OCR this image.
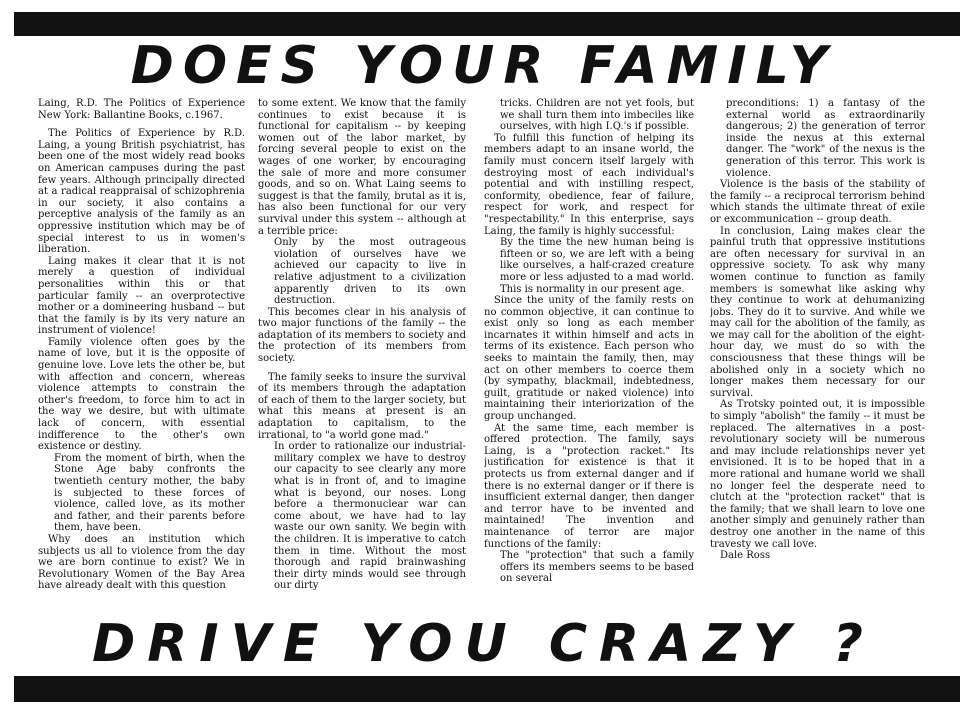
DOES YOUR FAMILY

Laing, R.D. The Politics of Experience New York: Ballantine Books, c.1967.

The Politics of Experience by R.D. Laing, a young British psychiatrist, has been one of the most widely read books on American campuses during the past few years. Although principally directed at a radical reappraisal of schizophrenia in our society, it also contains a perceptive analysis of the family as an oppressive institution which may be of special interest to us in women's liberation.

Laing makes it clear that it is not merely a question of individual personalities within this or that particular family -- an overprotective mother or a domineering husband -- but that the family is by its very nature an instrument of violence!

Family violence often goes by the name of love, but it is the opposite of genuine love. Love lets the other be, but with affection and concern, whereas violence attempts to constrain the other's freedom, to force him to act in the way we desire, but with ultimate lack of concern, with essential indifference to the other's own existence or destiny.

From the moment of birth, when the Stone Age baby confronts the twentieth century mother, the baby is subjected to these forces of violence, called love, as its mother and father, and their parents before them, have been.

Why does an institution which subjects us all to violence from the day we are born continue to exist? We in Revolutionary Women of the Bay Area have already dealt with this question

to some extent. We know that the family continues to exist because it is functional for capitalism -- by keeping women out of the labor market, by forcing several people to exist on the wages of one worker, by encouraging the sale of more and more consumer goods, and so on. What Laing seems to suggest is that the family, brutal as it is, has also been functional for our very survival under this system -- although at a terrible price:

Only by the most outrageous violation of ourselves have we achieved our capacity to live in relative adjustment to a civilization apparently driven to its own destruction.

This becomes clear in his analysis of two major functions of the family -- the adaptation of its members to society and the protection of its members from society.

The family seeks to insure the survival of its members through the adaptation of each of them to the larger society, but what this means at present is an adaptation to capitalism, to the irrational, to "a world gone mad."

In order to rationalize our industrial-military complex we have to destroy our capacity to see clearly any more what is in front of, and to imagine what is beyond, our noses. Long before a thermonuclear war can come about, we have had to lay waste our own sanity. We begin with the children. It is imperative to catch them in time. Without the most thorough and rapid brainwashing their dirty minds would see through our dirty

tricks. Children are not yet fools, but we shall turn them into imbeciles like ourselves, with high I.Q.'s if possible.

To fulfill this function of helping its members adapt to an insane world, the family must concern itself largely with destroying most of each individual's potential and with instilling respect, conformity, obedience, fear of failure, respect for work, and respect for "respectability." In this enterprise, says Laing, the family is highly successful:

By the time the new human being is fifteen or so, we are left with a being like ourselves, a half-crazed creature more or less adjusted to a mad world. This is normality in our present age.

Since the unity of the family rests on no common objective, it can continue to exist only so long as each member incarnates it within himself and acts in terms of its existence. Each person who seeks to maintain the family, then, may act on other members to coerce them (by sympathy, blackmail, indebtedness, guilt, gratitude or naked violence) into maintaining their interiorization of the group unchanged.

At the same time, each member is offered protection. The family, says Laing, is a "protection racket." Its justification for existence is that it protects us from external danger and if there is no external danger or if there is insufficient external danger, then danger and terror have to be invented and maintained! The invention and maintenance of terror are major functions of the family:

The "protection" that such a family offers its members seems to be based on several

preconditions: 1) a fantasy of the external world as extraordinarily dangerous; 2) the generation of terror inside the nexus at this external danger. The "work" of the nexus is the generation of this terror. This work is violence.

Violence is the basis of the stability of the family -- a reciprocal terrorism behind which stands the ultimate threat of exile or excommunication -- group death.

In conclusion, Laing makes clear the painful truth that oppressive institutions are often necessary for survival in an oppressive society. To ask why many women continue to function as family members is somewhat like asking why they continue to work at dehumanizing jobs. They do it to survive. And while we may call for the abolition of the family, as we may call for the abolition of the eight-hour day, we must do so with the consciousness that these things will be abolished only in a society which no longer makes them necessary for our survival.

As Trotsky pointed out, it is impossible to simply "abolish" the family -- it must be replaced. The alternatives in a post-revolutionary society will be numerous and may include relationships never yet envisioned. It is to be hoped that in a more rational and humane world we shall no longer feel the desperate need to clutch at the "protection racket" that is the family; that we shall learn to love one another simply and genuinely rather than destroy one another in the name of this travesty we call love.

Dale Ross

DRIVE YOU CRAZY ?
